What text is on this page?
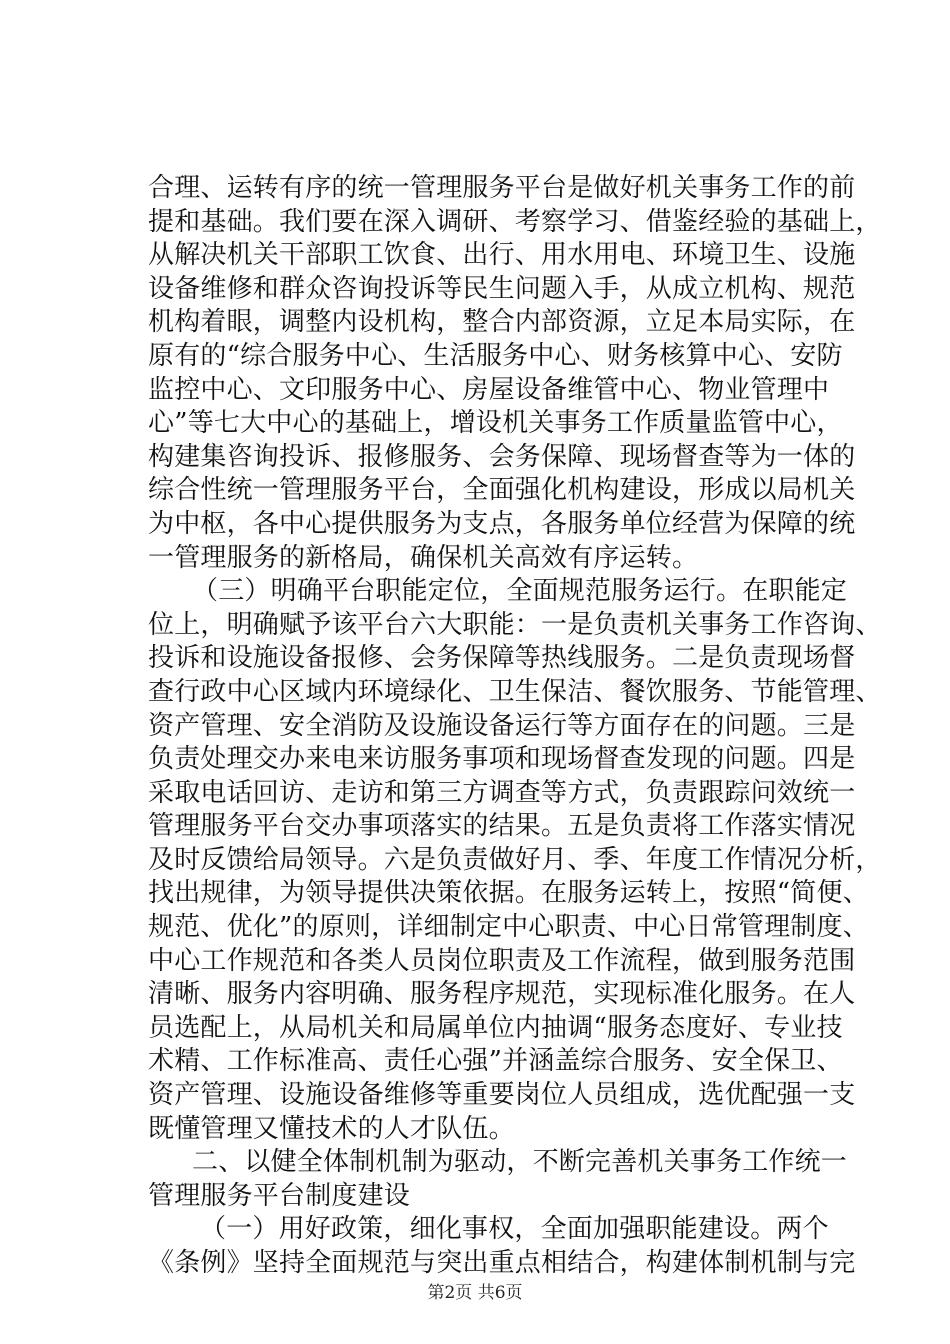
合理、运转有序的统一管理服务平台是做好机关事务工作的前
提和基础。我们要在深入调研、考察学习、借鉴经验的基础上，
从解决机关干部职工饮食、出行、用水用电、环境卫生、设施
设备维修和群众咨询投诉等民生问题入手，从成立机构、规范
机构着眼，调整内设机构，整合内部资源，立足本局实际，在
原有的“综合服务中心、生活服务中心、财务核算中心、安防
监控中心、文印服务中心、房屋设备维管中心、物业管理中
心”等七大中心的基础上，增设机关事务工作质量监管中心，
构建集咨询投诉、报修服务、会务保障、现场督查等为一体的
综合性统一管理服务平台，全面强化机构建设，形成以局机关
为中枢，各中心提供服务为支点，各服务单位经营为保障的统
一管理服务的新格局，确保机关高效有序运转。
（三）明确平台职能定位，全面规范服务运行。在职能定
位上，明确赋予该平台六大职能：一是负责机关事务工作咨询、
投诉和设施设备报修、会务保障等热线服务。二是负责现场督
查行政中心区域内环境绿化、卫生保洁、餐饮服务、节能管理、
资产管理、安全消防及设施设备运行等方面存在的问题。三是
负责处理交办来电来访服务事项和现场督查发现的问题。四是
采取电话回访、走访和第三方调查等方式，负责跟踪问效统一
管理服务平台交办事项落实的结果。五是负责将工作落实情况
及时反馈给局领导。六是负责做好月、季、年度工作情况分析，
找出规律，为领导提供决策依据。在服务运转上，按照“简便、
规范、优化”的原则，详细制定中心职责、中心日常管理制度、
中心工作规范和各类人员岗位职责及工作流程，做到服务范围
清晰、服务内容明确、服务程序规范，实现标准化服务。在人
员选配上，从局机关和局属单位内抽调“服务态度好、专业技
术精、工作标准高、责任心强”并涵盖综合服务、安全保卫、
资产管理、设施设备维修等重要岗位人员组成，选优配强一支
既懂管理又懂技术的人才队伍。
二、以健全体制机制为驱动，不断完善机关事务工作统一
管理服务平台制度建设
（一）用好政策，细化事权，全面加强职能建设。两个
《条例》坚持全面规范与突出重点相结合，构建体制机制与完
第2页 共6页
